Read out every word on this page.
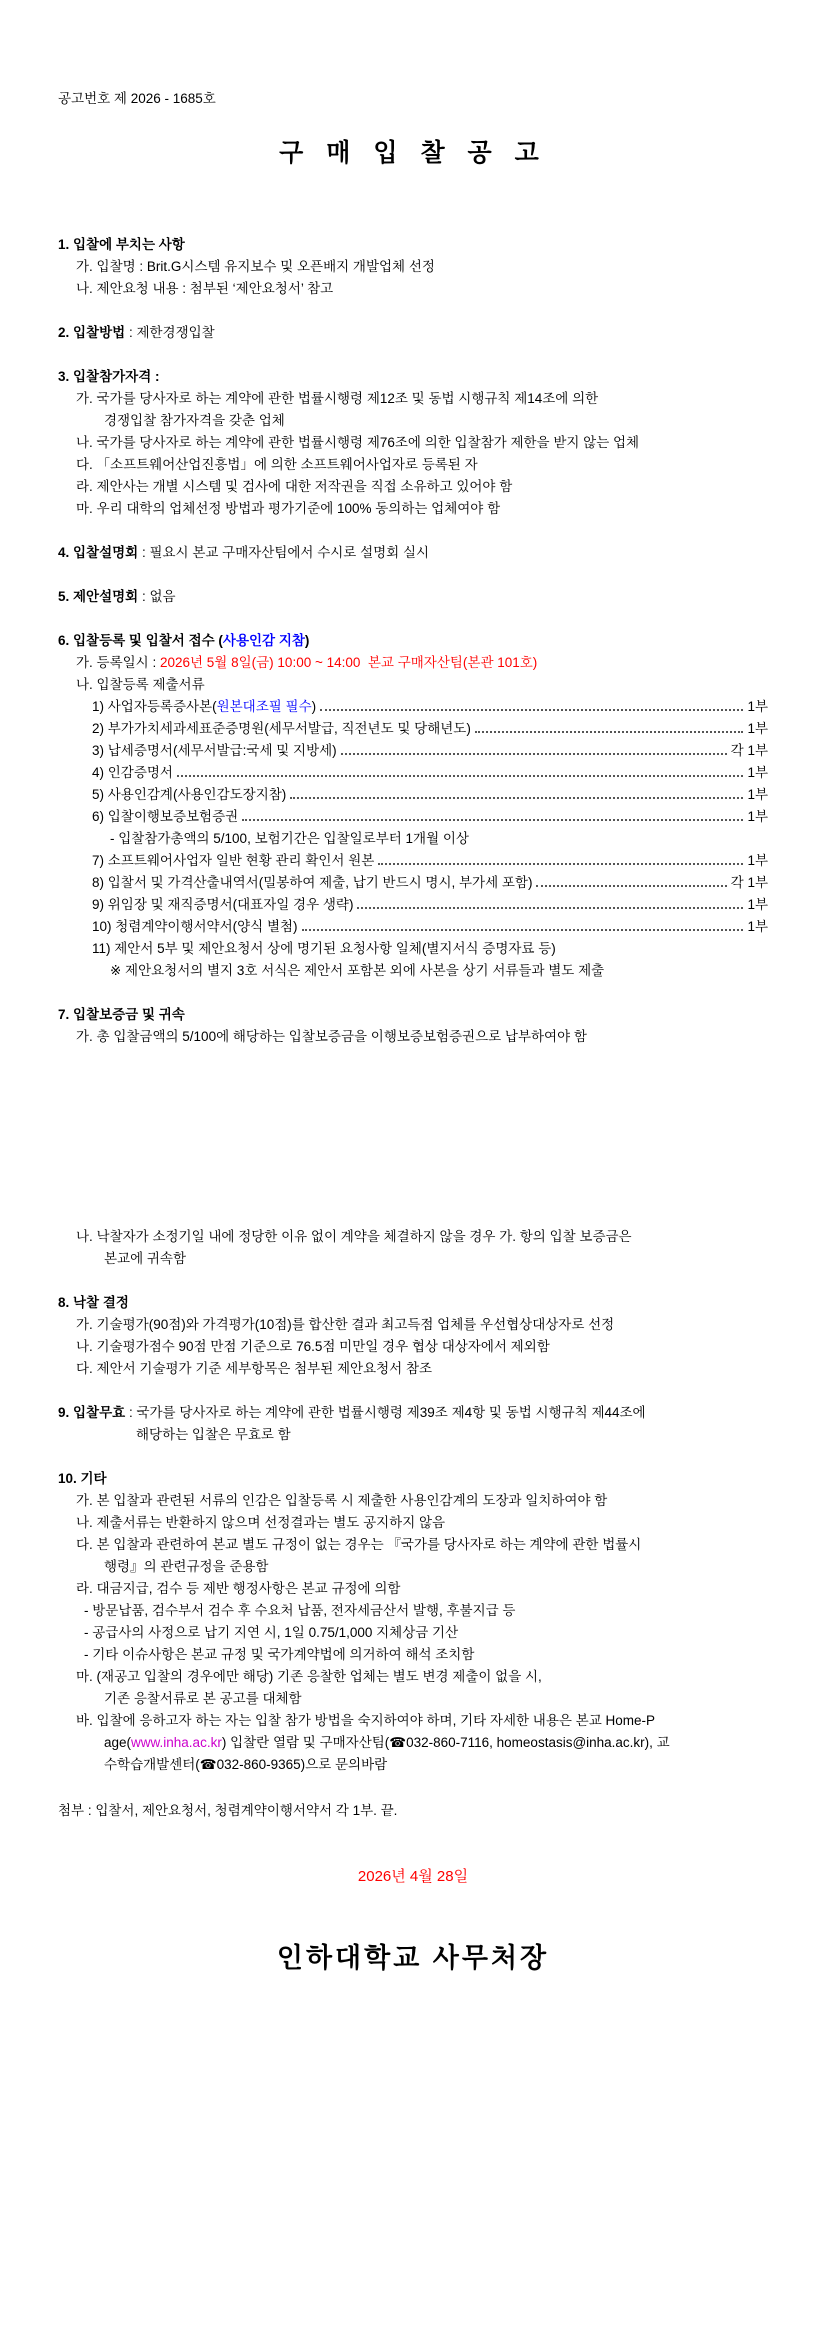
공고번호 제 2026 - 1685호
구 매 입 찰 공 고
1. 입찰에 부치는 사항
가. 입찰명 : Brit.G시스템 유지보수 및 오픈배지 개발업체 선정
나. 제안요청 내용 : 첨부된 ‘제안요청서’ 참고
2. 입찰방법 : 제한경쟁입찰
3. 입찰참가자격 :
가. 국가를 당사자로 하는 계약에 관한 법률시행령 제12조 및 동법 시행규칙 제14조에 의한
경쟁입찰 참가자격을 갖춘 업체
나. 국가를 당사자로 하는 계약에 관한 법률시행령 제76조에 의한 입찰참가 제한을 받지 않는 업체
다. 「소프트웨어산업진흥법」에 의한 소프트웨어사업자로 등록된 자
라. 제안사는 개별 시스템 및 검사에 대한 저작권을 직접 소유하고 있어야 함
마. 우리 대학의 업체선정 방법과 평가기준에 100% 동의하는 업체여야 함
4. 입찰설명회 : 필요시 본교 구매자산팀에서 수시로 설명회 실시
5. 제안설명회 : 없음
6. 입찰등록 및 입찰서 접수 (사용인감 지참)
가. 등록일시 : 2026년 5월 8일(금) 10:00 ~ 14:00  본교 구매자산팀(본관 101호)
나. 입찰등록 제출서류
1) 사업자등록증사본( 원본대조필 필수 )	1부
2) 부가가치세과세표준증명원(세무서발급, 직전년도 및 당해년도)	1부
3) 납세증명서(세무서발급:국세 및 지방세)	각 1부
4) 인감증명서	1부
5) 사용인감계(사용인감도장지참)	1부
6) 입찰이행보증보험증권	1부
- 입찰참가총액의 5/100, 보험기간은 입찰일로부터 1개월 이상
7) 소프트웨어사업자 일반 현황 관리 확인서 원본	1부
8) 입찰서 및 가격산출내역서(밀봉하여 제출, 납기 반드시 명시, 부가세 포함)	각 1부
9) 위임장 및 재직증명서(대표자일 경우 생략)	1부
10) 청렴계약이행서약서(양식 별첨)	1부
11) 제안서 5부 및 제안요청서 상에 명기된 요청사항 일체(별지서식 증명자료 등)
※ 제안요청서의 별지 3호 서식은 제안서 포함본 외에 사본을 상기 서류들과 별도 제출
7. 입찰보증금 및 귀속
가. 총 입찰금액의 5/100에 해당하는 입찰보증금을 이행보증보험증권으로 납부하여야 함
나. 낙찰자가 소정기일 내에 정당한 이유 없이 계약을 체결하지 않을 경우 가. 항의 입찰 보증금은
본교에 귀속함
8. 낙찰 결정
가. 기술평가(90점)와 가격평가(10점)를 합산한 결과 최고득점 업체를 우선협상대상자로 선정
나. 기술평가점수 90점 만점 기준으로 76.5점 미만일 경우 협상 대상자에서 제외함
다. 제안서 기술평가 기준 세부항목은 첨부된 제안요청서 참조
9. 입찰무효 : 국가를 당사자로 하는 계약에 관한 법률시행령 제39조 제4항 및 동법 시행규칙 제44조에
해당하는 입찰은 무효로 함
10. 기타
가. 본 입찰과 관련된 서류의 인감은 입찰등록 시 제출한 사용인감계의 도장과 일치하여야 함
나. 제출서류는 반환하지 않으며 선정결과는 별도 공지하지 않음
다. 본 입찰과 관련하여 본교 별도 규정이 없는 경우는 『국가를 당사자로 하는 계약에 관한 법률시
행령』의 관련규정을 준용함
라. 대금지급, 검수 등 제반 행정사항은 본교 규정에 의함
- 방문납품, 검수부서 검수 후 수요처 납품, 전자세금산서 발행, 후불지급 등
- 공급사의 사정으로 납기 지연 시, 1일 0.75/1,000 지체상금 기산
- 기타 이슈사항은 본교 규정 및 국가계약법에 의거하여 해석 조치함
마. (재공고 입찰의 경우에만 해당) 기존 응찰한 업체는 별도 변경 제출이 없을 시,
기존 응찰서류로 본 공고를 대체함
바. 입찰에 응하고자 하는 자는 입찰 참가 방법을 숙지하여야 하며, 기타 자세한 내용은 본교 Home-P
age(www.inha.ac.kr) 입찰란 열람 및 구매자산팀(☎032-860-7116, homeostasis@inha.ac.kr), 교
수학습개발센터(☎032-860-9365)으로 문의바람
첨부 : 입찰서, 제안요청서, 청렴계약이행서약서 각 1부. 끝.
2026년 4월 28일
인하대학교 사무처장
